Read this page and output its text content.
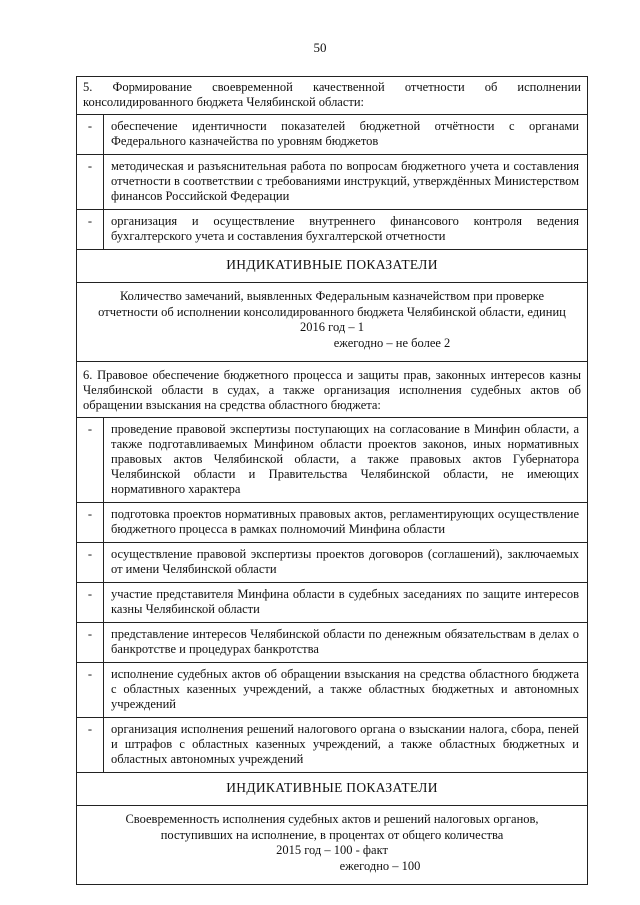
50
5. Формирование своевременной качественной отчетности об исполнении консолидированного бюджета Челябинской области:
-	обеспечение идентичности показателей бюджетной отчётности с органами Федерального казначейства по уровням бюджетов
-	методическая и разъяснительная работа по вопросам бюджетного учета и составления отчетности в соответствии с требованиями инструкций, утверждённых Министерством финансов Российской Федерации
-	организация и осуществление внутреннего финансового контроля ведения бухгалтерского учета и составления бухгалтерской отчетности
ИНДИКАТИВНЫЕ ПОКАЗАТЕЛИ
Количество замечаний, выявленных Федеральным казначейством при проверке
отчетности об исполнении консолидированного бюджета Челябинской области, единиц
2016 год – 1
ежегодно – не более 2
6. Правовое обеспечение бюджетного процесса и защиты прав, законных интересов казны Челябинской области в судах, а также организация исполнения судебных актов об обращении взыскания на средства областного бюджета:
-	проведение правовой экспертизы поступающих на согласование в Минфин области, а также подготавливаемых Минфином области проектов законов, иных нормативных правовых актов Челябинской области, а также правовых актов Губернатора Челябинской области и Правительства Челябинской области, не имеющих нормативного характера
-	подготовка проектов нормативных правовых актов, регламентирующих осуществление бюджетного процесса в рамках полномочий Минфина области
-	осуществление правовой экспертизы проектов договоров (соглашений), заключаемых от имени Челябинской области
-	участие представителя Минфина области в судебных заседаниях по защите интересов казны Челябинской области
-	представление интересов Челябинской области по денежным обязательствам в делах о банкротстве и процедурах банкротства
-	исполнение судебных актов об обращении взыскания на средства областного бюджета с областных казенных учреждений, а также областных бюджетных и автономных учреждений
-	организация исполнения решений налогового органа о взыскании налога, сбора, пеней и штрафов с областных казенных учреждений, а также областных бюджетных и областных автономных учреждений
ИНДИКАТИВНЫЕ ПОКАЗАТЕЛИ
Своевременность исполнения судебных актов и решений налоговых органов,
поступивших на исполнение, в процентах от общего количества
2015 год – 100 - факт
ежегодно – 100
